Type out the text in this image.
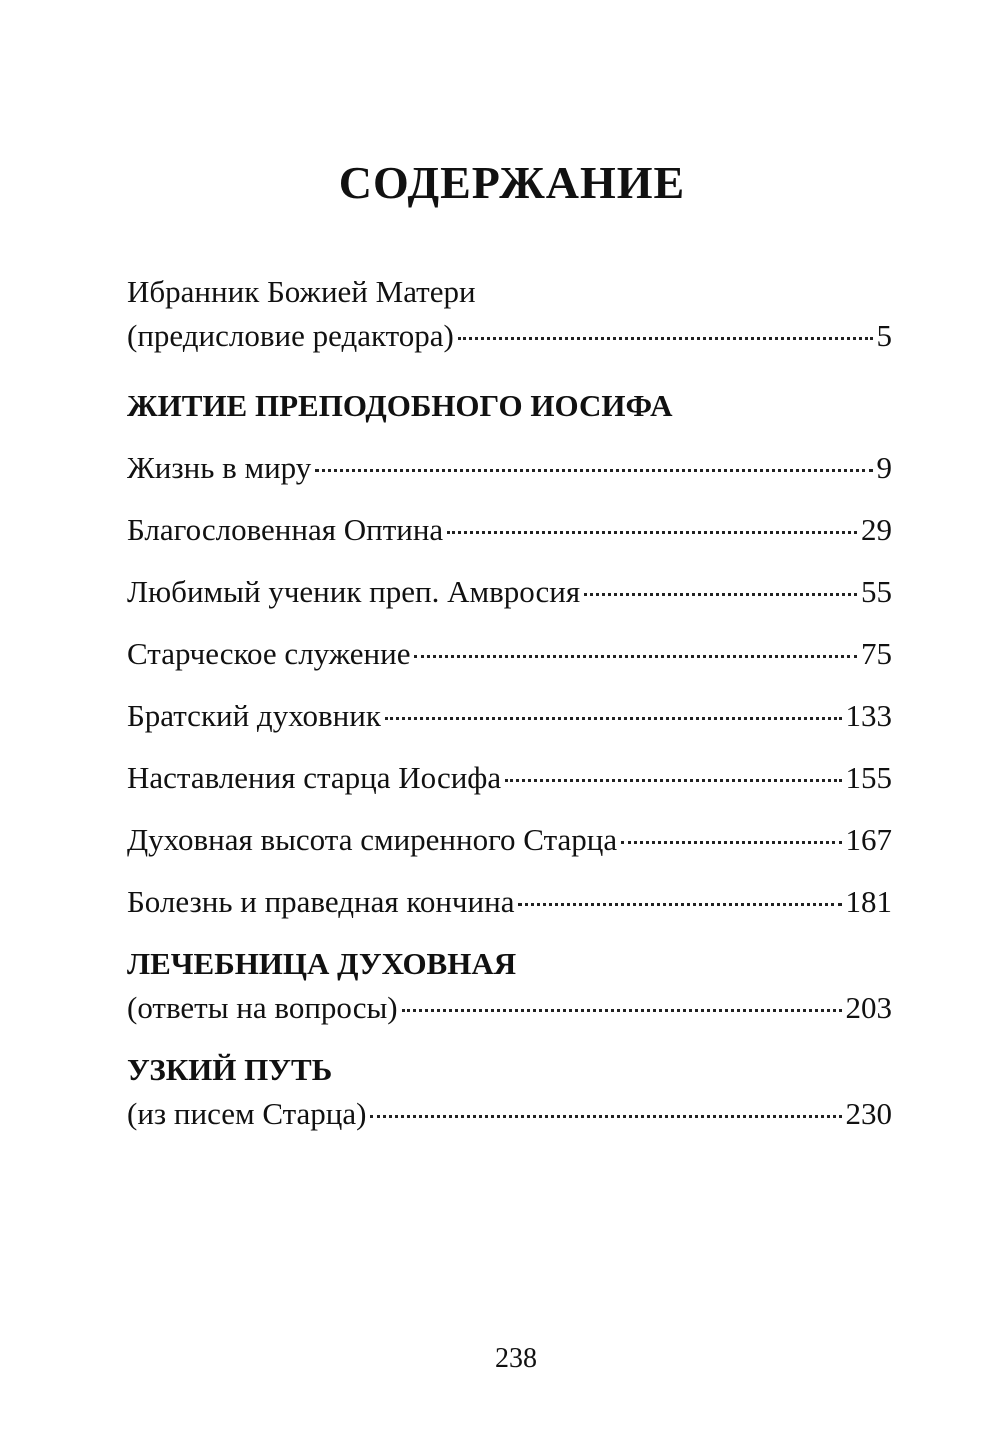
СОДЕРЖАНИЕ
Ибранник Божией Матери
(предисловие редактора)	5
ЖИТИЕ ПРЕПОДОБНОГО ИОСИФА
Жизнь в миру	9
Благословенная Оптина	29
Любимый ученик преп. Амвросия	55
Старческое служение	75
Братский духовник	133
Наставления старца Иосифа	155
Духовная высота смиренного Старца	167
Болезнь и праведная кончина	181
ЛЕЧЕБНИЦА ДУХОВНАЯ
(ответы на вопросы)	203
УЗКИЙ ПУТЬ
(из писем Старца)	230
238
